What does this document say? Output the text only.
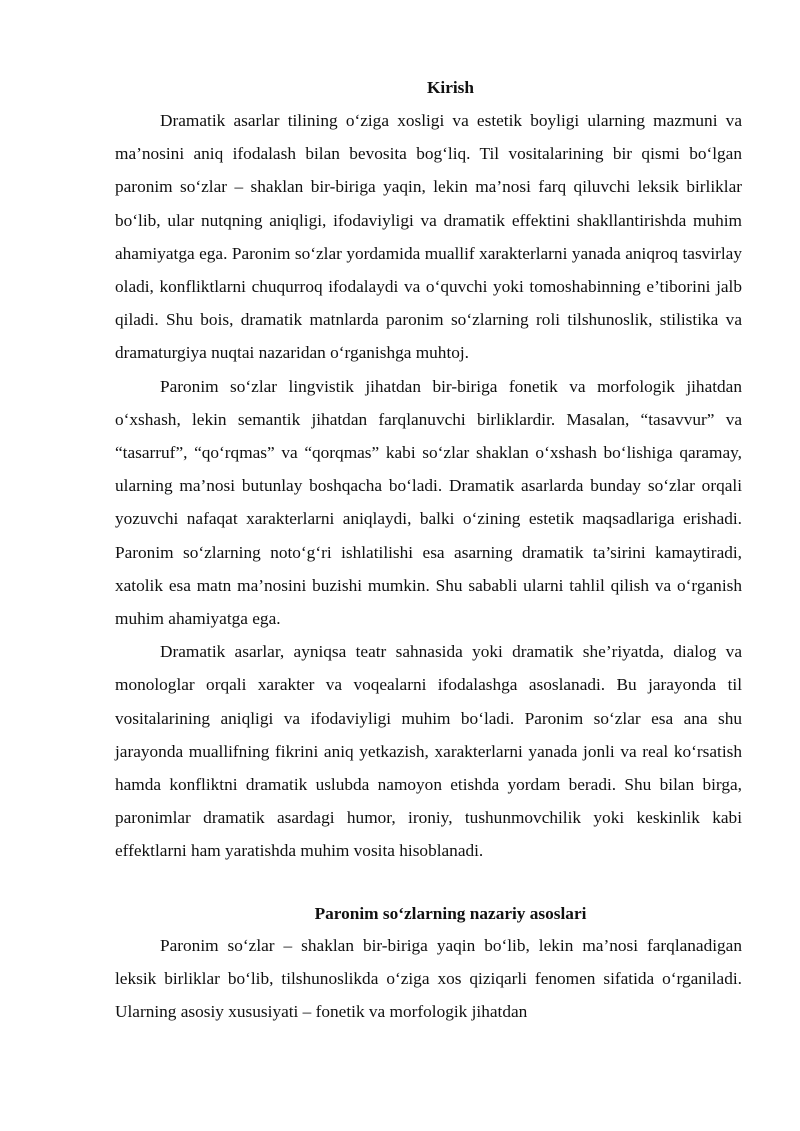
Kirish

Dramatik asarlar tilining o‘ziga xosligi va estetik boyligi ularning mazmuni va ma’nosini aniq ifodalash bilan bevosita bog‘liq. Til vositalarining bir qismi bo‘lgan paronim so‘zlar – shaklan bir-biriga yaqin, lekin ma’nosi farq qiluvchi leksik birliklar bo‘lib, ular nutqning aniqligi, ifodaviyligi va dramatik effektini shakllantirishda muhim ahamiyatga ega. Paronim so‘zlar yordamida muallif xarakterlarni yanada aniqroq tasvirlay oladi, konfliktlarni chuqurroq ifodalaydi va o‘quvchi yoki tomoshabinning e’tiborini jalb qiladi. Shu bois, dramatik matnlarda paronim so‘zlarning roli tilshunoslik, stilistika va dramaturgiya nuqtai nazaridan o‘rganishga muhtoj.

Paronim so‘zlar lingvistik jihatdan bir-biriga fonetik va morfologik jihatdan o‘xshash, lekin semantik jihatdan farqlanuvchi birliklardir. Masalan, “tasavvur” va “tasarruf”, “qo‘rqmas” va “qorqmas” kabi so‘zlar shaklan o‘xshash bo‘lishiga qaramay, ularning ma’nosi butunlay boshqacha bo‘ladi. Dramatik asarlarda bunday so‘zlar orqali yozuvchi nafaqat xarakterlarni aniqlaydi, balki o‘zining estetik maqsadlariga erishadi. Paronim so‘zlarning noto‘g‘ri ishlatilishi esa asarning dramatik ta’sirini kamaytiradi, xatolik esa matn ma’nosini buzishi mumkin. Shu sababli ularni tahlil qilish va o‘rganish muhim ahamiyatga ega.

Dramatik asarlar, ayniqsa teatr sahnasida yoki dramatik she’riyatda, dialog va monologlar orqali xarakter va voqealarni ifodalashga asoslanadi. Bu jarayonda til vositalarining aniqligi va ifodaviyligi muhim bo‘ladi. Paronim so‘zlar esa ana shu jarayonda muallifning fikrini aniq yetkazish, xarakterlarni yanada jonli va real ko‘rsatish hamda konfliktni dramatik uslubda namoyon etishda yordam beradi. Shu bilan birga, paronimlar dramatik asardagi humor, ironiy, tushunmovchilik yoki keskinlik kabi effektlarni ham yaratishda muhim vosita hisoblanadi.

Paronim so‘zlarning nazariy asoslari

Paronim so‘zlar – shaklan bir-biriga yaqin bo‘lib, lekin ma’nosi farqlanadigan leksik birliklar bo‘lib, tilshunoslikda o‘ziga xos qiziqarli fenomen sifatida o‘rganiladi. Ularning asosiy xususiyati – fonetik va morfologik jihatdan
